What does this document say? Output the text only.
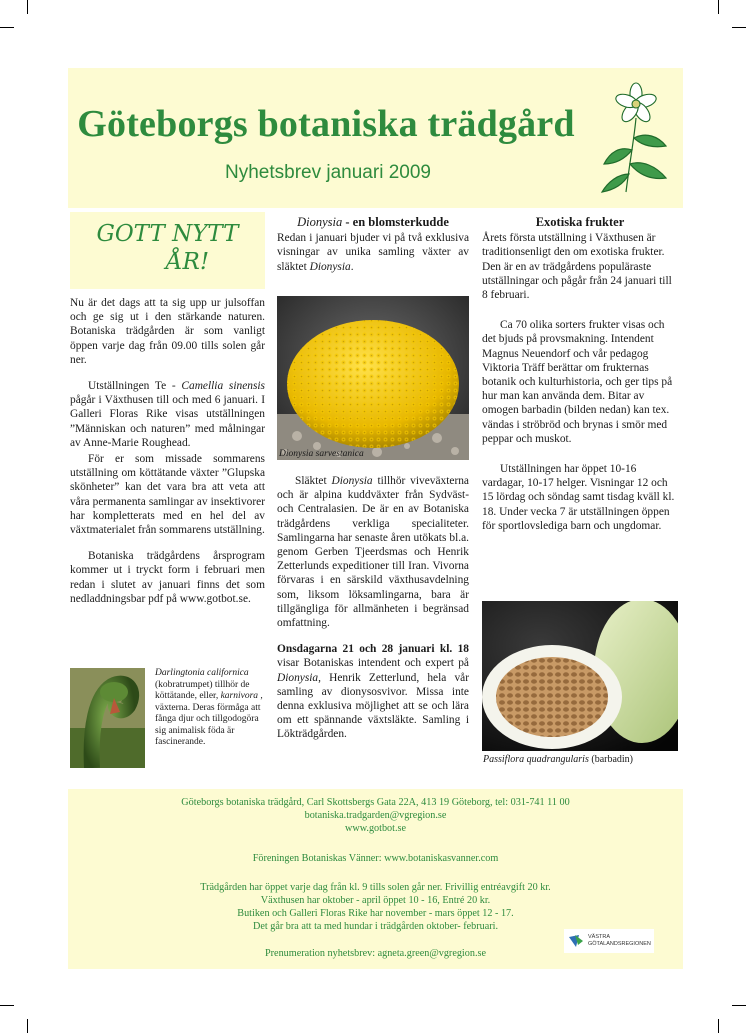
Göteborgs botaniska trädgård
Nyhetsbrev januari 2009
GOTT NYTT
ÅR!

Nu är det dags att ta sig upp ur julsoffan och ge sig ut i den stärkande naturen. Botaniska trädgården är som vanligt öppen varje dag från 09.00 tills solen går ner.

Utställningen Te - Camellia sinensis pågår i Växthusen till och med 6 januari. I Galleri Floras Rike visas utställningen ”Människan och naturen” med målningar av Anne-Marie Roughead.

För er som missade sommarens utställning om köttätande växter ”Glupska skönheter” kan det vara bra att veta att våra permanenta samlingar av insektivorer har kompletterats med en hel del av växtmaterialet från sommarens utställning.

Botaniska trädgårdens årsprogram kommer ut i tryckt form i februari men redan i slutet av januari finns det som nedladdningsbar pdf på www.gotbot.se.

Darlingtonia californica (kobratrumpet) tillhör de köttätande, eller, karnivora , växterna. Deras förmåga att fånga djur och tillgodogöra sig animalisk föda är fascinerande.
Dionysia - en blomsterkudde

Redan i januari bjuder vi på två exklusiva visningar av unika samling växter av släktet Dionysia.

Dionysia sarvestanica

Släktet Dionysia tillhör viveväxterna och är alpina kuddväxter från Sydväst- och Centralasien. De är en av Botaniska trädgårdens verkliga specialiteter. Samlingarna har senaste åren utökats bl.a. genom Gerben Tjeerdsmas och Henrik Zetterlunds expeditioner till Iran. Vivorna förvaras i en särskild växthusavdelning som, liksom löksamlingarna, bara är tillgängliga för allmänheten i begränsad omfattning.

Onsdagarna 21 och 28 januari kl. 18 visar Botaniskas intendent och expert på Dionysia, Henrik Zetterlund, hela vår samling av dionysosvivor. Missa inte denna exklusiva möjlighet att se och lära om ett spännande växtsläkte. Samling i Lökträdgården.

Exotiska frukter

Årets första utställning i Växthusen är traditionsenligt den om exotiska frukter. Den är en av trädgårdens populäraste utställningar och pågår från 24 januari till 8 februari.

Ca 70 olika sorters frukter visas och det bjuds på provsmakning. Intendent Magnus Neuendorf och vår pedagog Viktoria Träff berättar om frukternas botanik och kulturhistoria, och ger tips på hur man kan använda dem. Bitar av omogen barbadin (bilden nedan) kan tex. vändas i ströbröd och brynas i smör med peppar och muskot.

Utställningen har öppet 10-16 vardagar, 10-17 helger. Visningar 12 och 15 lördag och söndag samt tisdag kväll kl. 18. Under vecka 7 är utställningen öppen för sportlovslediga barn och ungdomar.

Passiflora quadrangularis (barbadin)
Göteborgs botaniska trädgård, Carl Skottsbergs Gata 22A, 413 19 Göteborg, tel: 031-741 11 00
botaniska.tradgarden@vgregion.se
www.gotbot.se
Föreningen Botaniskas Vänner: www.botaniskasvanner.com
Trädgården har öppet varje dag från kl. 9 tills solen går ner. Frivillig entréavgift 20 kr.
Växthusen har oktober - april öppet 10 - 16, Entré 20 kr.
Butiken och Galleri Floras Rike har november - mars öppet 12 - 17.
Det går bra att ta med hundar i trädgården oktober- februari.
Prenumeration nyhetsbrev: agneta.green@vgregion.se
VÄSTRA
GÖTALANDSREGIONEN
